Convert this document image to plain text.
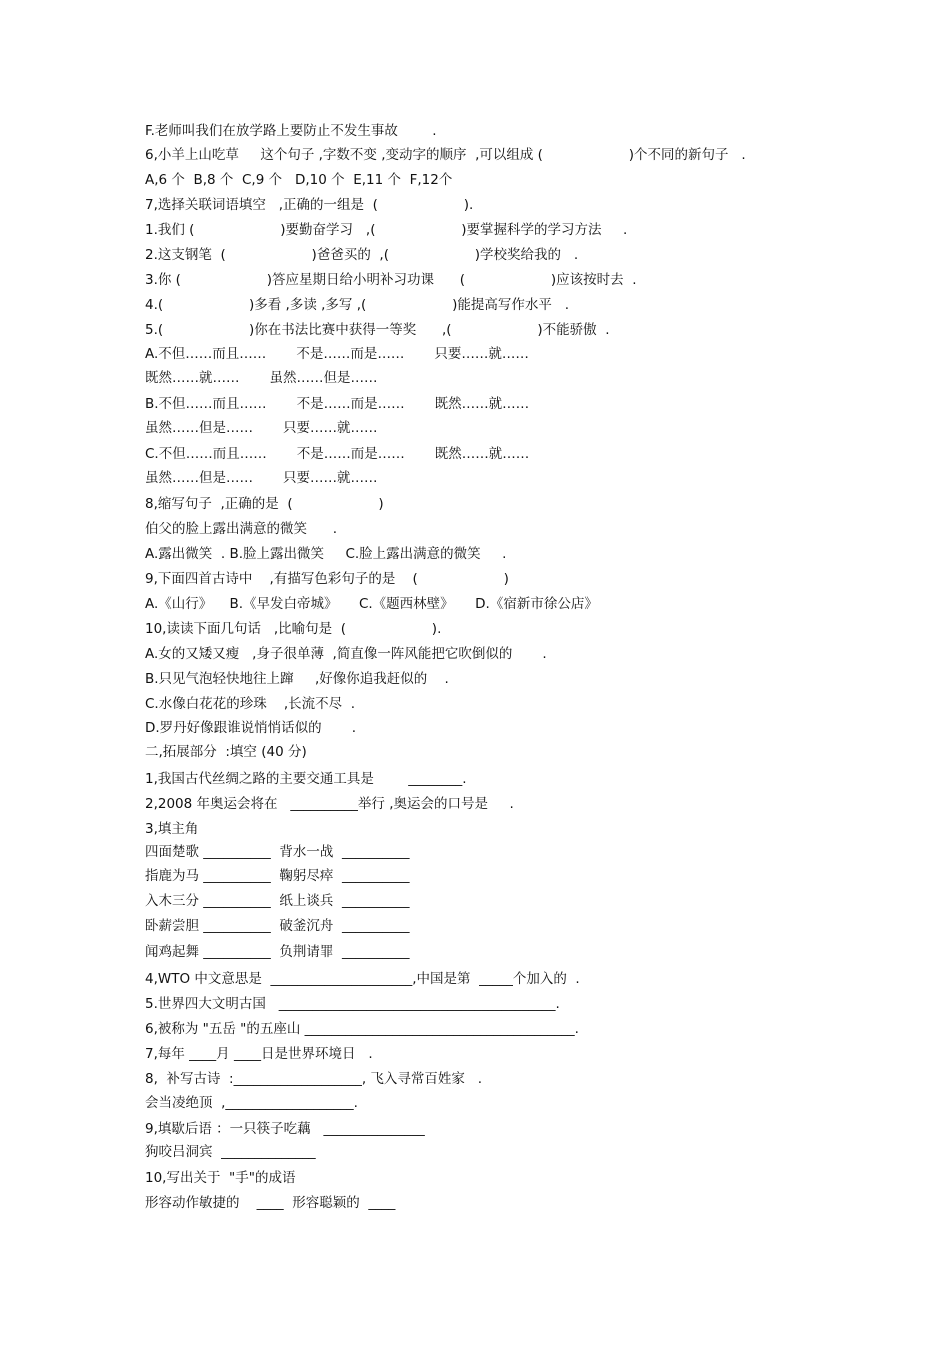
F.老师叫我们在放学路上要防止不发生事故        .
6,小羊上山吃草     这个句子 ,字数不变 ,变动字的顺序  ,可以组成 (                    )个不同的新句子   .
A,6 个  B,8 个  C,9 个   D,10 个  E,11 个  F,12个
7,选择关联词语填空   ,正确的一组是  (                    ).
1.我们 (                    )要勤奋学习   ,(                    )要掌握科学的学习方法     .
2.这支钢笔  (                    )爸爸买的  ,(                    )学校奖给我的   .
3.你 (                    )答应星期日给小明补习功课      (                    )应该按时去  .
4.(                    )多看 ,多读 ,多写 ,(                    )能提高写作水平   .
5.(                    )你在书法比赛中获得一等奖      ,(                    )不能骄傲  .
A.不但……而且……       不是……而是……       只要……就……
既然……就……       虽然……但是……
B.不但……而且……       不是……而是……       既然……就……
虽然……但是……       只要……就……
C.不但……而且……       不是……而是……       既然……就……
虽然……但是……       只要……就……
8,缩写句子  ,正确的是  (                    )
伯父的脸上露出满意的微笑      .
A.露出微笑  . B.脸上露出微笑     C.脸上露出满意的微笑     .
9,下面四首古诗中    ,有描写色彩句子的是    (                    )
A.《山行》    B.《早发白帝城》     C.《题西林壁》     D.《宿新市徐公店》
10,读读下面几句话   ,比喻句是  (                    ).
A.女的又矮又瘦   ,身子很单薄  ,简直像一阵风能把它吹倒似的       .
B.只见气泡轻快地往上蹿     ,好像你追我赶似的    .
C.水像白花花的珍珠    ,长流不尽  .
D.罗丹好像跟谁说悄悄话似的       .
二,拓展部分  :填空 (40 分)
1,我国古代丝绸之路的主要交通工具是        ________.
2,2008 年奥运会将在   __________举行 ,奥运会的口号是     .
3,填主角
四面楚歌 __________  背水一战  __________
指鹿为马 __________  鞠躬尽瘁  __________
入木三分 __________  纸上谈兵  __________
卧薪尝胆 __________  破釜沉舟  __________
闻鸡起舞 __________  负荆请罪  __________
4,WTO 中文意思是  _____________________,中国是第  _____个加入的  .
5.世界四大文明古国   _________________________________________.
6,被称为 "五岳 "的五座山 ________________________________________.
7,每年 ____月 ____日是世界环境日   .
8,  补写古诗  :___________________, 飞入寻常百姓家   .
会当凌绝顶  ,___________________.
9,填歇后语 ：一只筷子吃藕   _______________
狗咬吕洞宾  ______________
10,写出关于  "手"的成语
形容动作敏捷的    ____  形容聪颖的  ____
